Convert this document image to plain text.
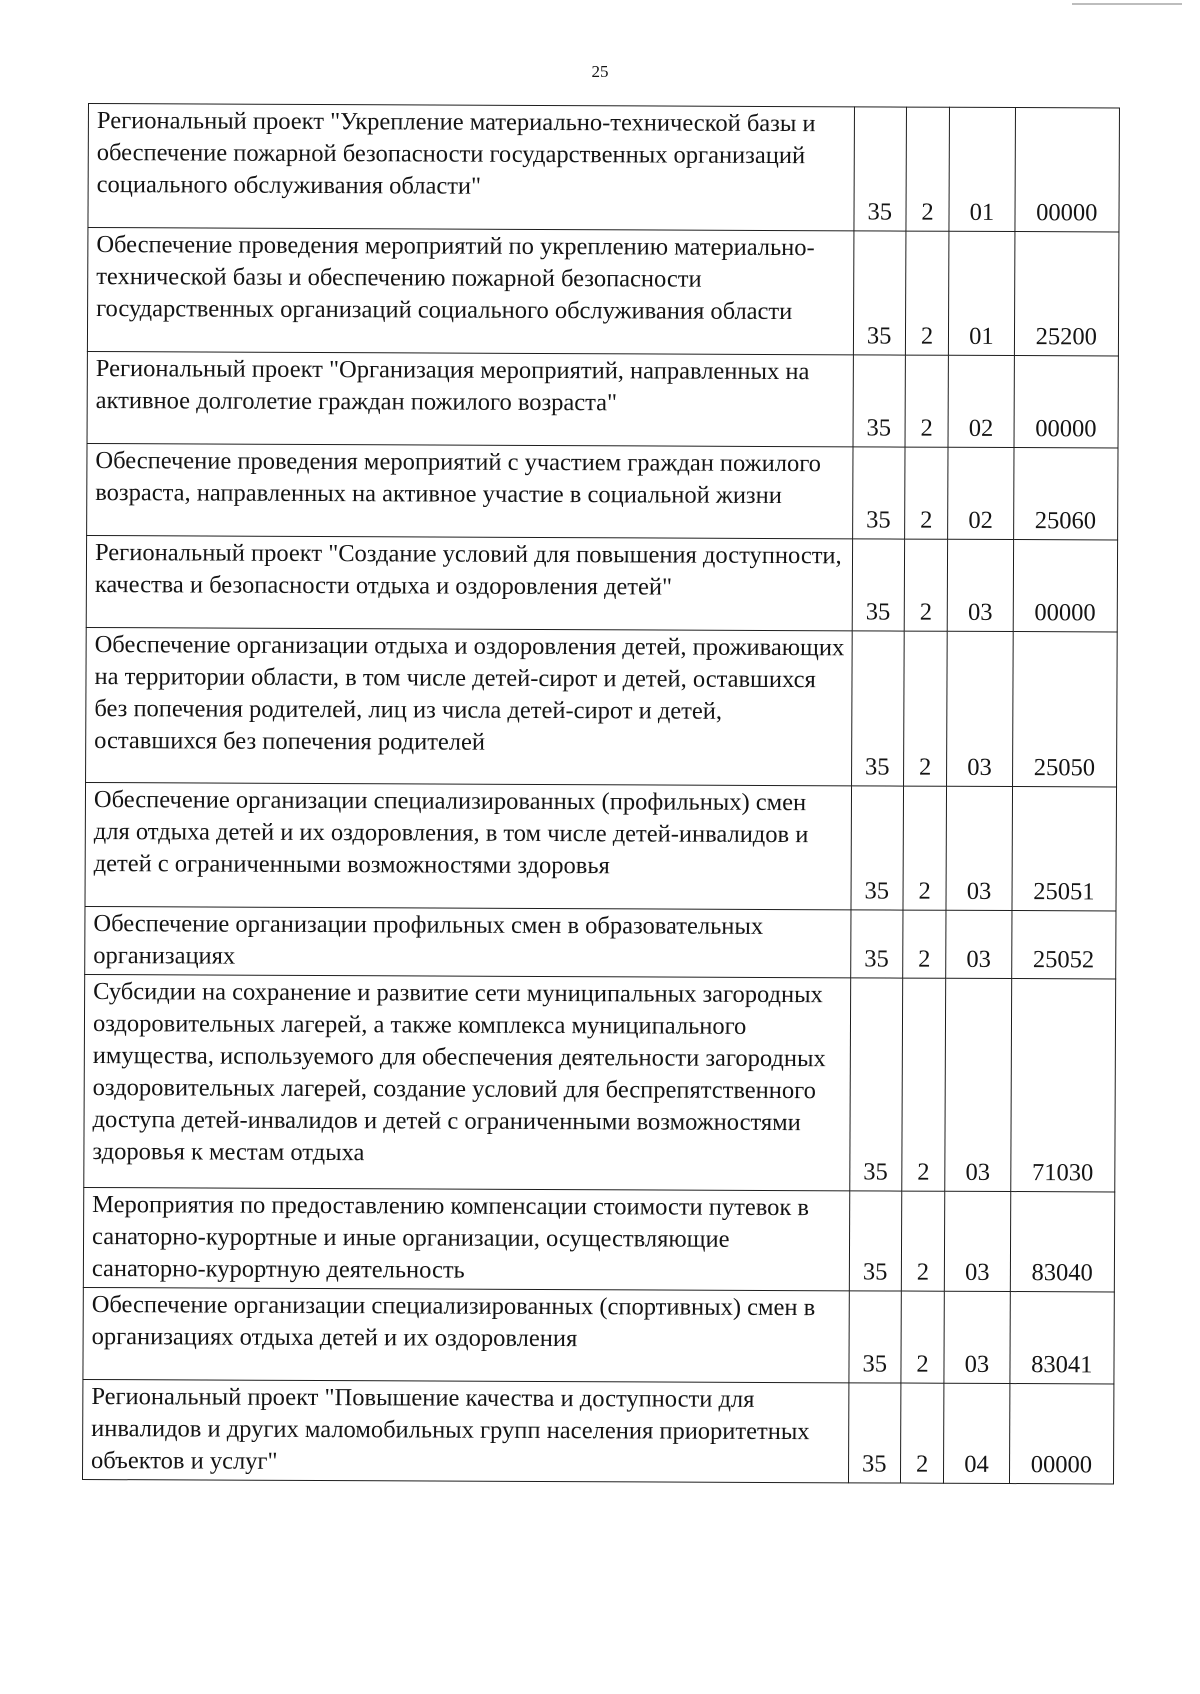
25
Региональный проект "Укрепление материально-технической базы и обеспечение пожарной безопасности государственных организаций социального обслуживания области"	35	2	01	00000
Обеспечение проведения мероприятий по укреплению материально-технической базы и обеспечению пожарной безопасности государственных организаций социального обслуживания области	35	2	01	25200
Региональный проект "Организация мероприятий, направленных на активное долголетие граждан пожилого возраста"	35	2	02	00000
Обеспечение проведения мероприятий с участием граждан пожилого возраста, направленных на активное участие в социальной жизни	35	2	02	25060
Региональный проект "Создание условий для повышения доступности, качества и безопасности отдыха и оздоровления детей"	35	2	03	00000
Обеспечение организации отдыха и оздоровления детей, проживающих на территории области, в том числе детей-сирот и детей, оставшихся без попечения родителей, лиц из числа детей-сирот и детей, оставшихся без попечения родителей	35	2	03	25050
Обеспечение организации специализированных (профильных) смен для отдыха детей и их оздоровления, в том числе детей-инвалидов и детей с ограниченными возможностями здоровья	35	2	03	25051
Обеспечение организации профильных смен в образовательных организациях	35	2	03	25052
Субсидии на сохранение и развитие сети муниципальных загородных оздоровительных лагерей, а также комплекса муниципального имущества, используемого для обеспечения деятельности загородных оздоровительных лагерей, создание условий для беспрепятственного доступа детей-инвалидов и детей с ограниченными возможностями здоровья к местам отдыха	35	2	03	71030
Мероприятия по предоставлению компенсации стоимости путевок в санаторно-курортные и иные организации, осуществляющие санаторно-курортную деятельность	35	2	03	83040
Обеспечение организации специализированных (спортивных) смен в организациях отдыха детей и их оздоровления	35	2	03	83041
Региональный проект "Повышение качества и доступности для инвалидов и других маломобильных групп населения приоритетных объектов и услуг"	35	2	04	00000
